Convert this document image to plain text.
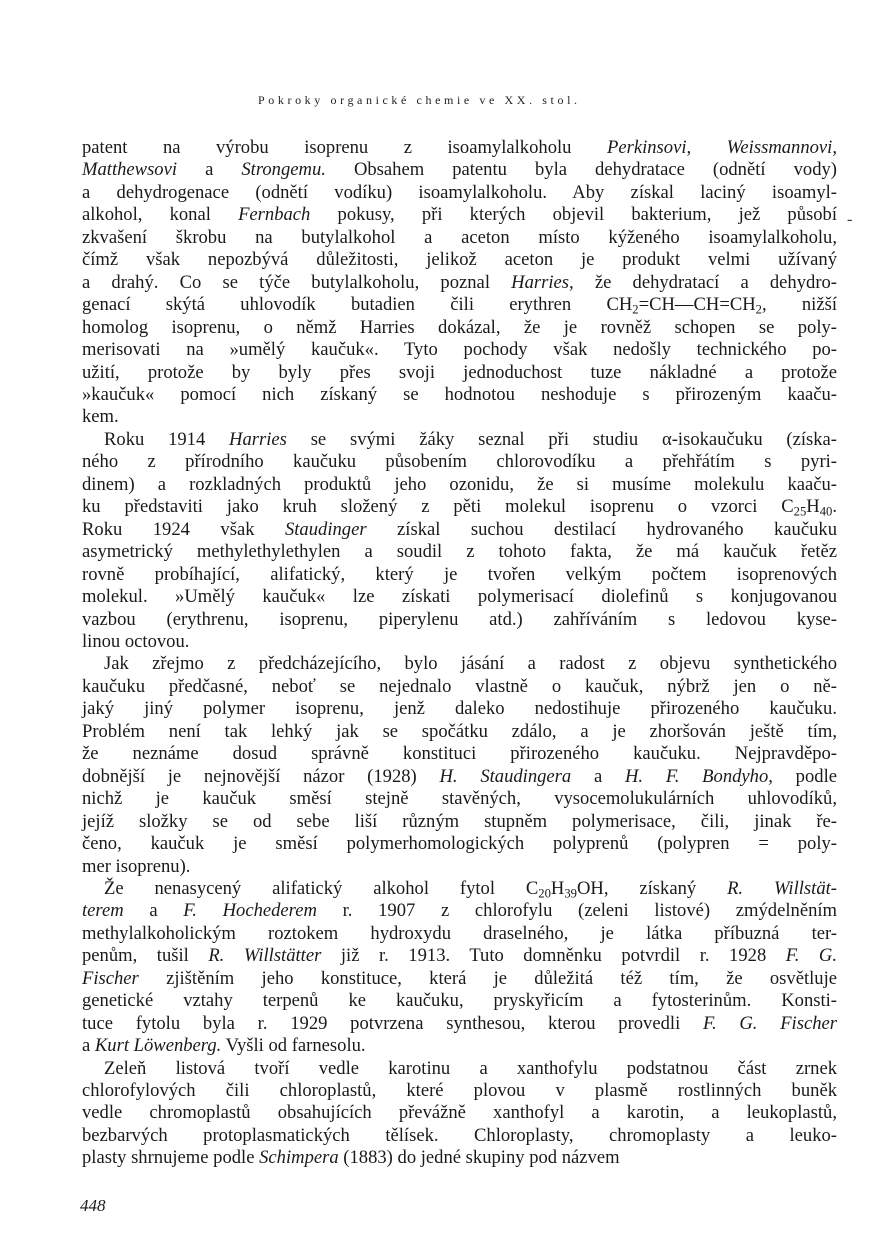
Pokroky organické chemie ve XX. stol.
-
patent na výrobu isoprenu z isoamylalkoholu Perkinsovi, Weissmannovi,
Matthewsovi a Strongemu. Obsahem patentu byla dehydratace (odnětí vody)
a dehydrogenace (odnětí vodíku) isoamylalkoholu. Aby získal laciný isoamyl-
alkohol, konal Fernbach pokusy, při kterých objevil bakterium, jež působí
zkvašení škrobu na butylalkohol a aceton místo kýženého isoamylalkoholu,
čímž však nepozbývá důležitosti, jelikož aceton je produkt velmi užívaný
a drahý. Co se týče butylalkoholu, poznal Harries, že dehydratací a dehydro-
genací skýtá uhlovodík butadien čili erythren $CH_2=CH—CH=CH_2$, nižší
homolog isoprenu, o němž Harries dokázal, že je rovněž schopen se poly-
merisovati na »umělý kaučuk«. Tyto pochody však nedošly technického po-
užití, protože by byly přes svoji jednoduchost tuze nákladné a protože
»kaučuk« pomocí nich získaný se hodnotou neshoduje s přirozeným kaaču-
kem.
Roku 1914 Harries se svými žáky seznal při studiu α-isokaučuku (získa-
ného z přírodního kaučuku působením chlorovodíku a přehřátím s pyri-
dinem) a rozkladných produktů jeho ozonidu, že si musíme molekulu kaaču-
ku představiti jako kruh složený z pěti molekul isoprenu o vzorci $C_{25}H_{40}$.
Roku 1924 však Staudinger získal suchou destilací hydrovaného kaučuku
asymetrický methylethylethylen a soudil z tohoto fakta, že má kaučuk řetěz
rovně probíhající, alifatický, který je tvořen velkým počtem isoprenových
molekul. »Umělý kaučuk« lze získati polymerisací diolefinů s konjugovanou
vazbou (erythrenu, isoprenu, piperylenu atd.) zahříváním s ledovou kyse-
linou octovou.
Jak zřejmo z předcházejícího, bylo jásání a radost z objevu synthetického
kaučuku předčasné, neboť se nejednalo vlastně o kaučuk, nýbrž jen o ně-
jaký jiný polymer isoprenu, jenž daleko nedostihuje přirozeného kaučuku.
Problém není tak lehký jak se spočátku zdálo, a je zhoršován ještě tím,
že neznáme dosud správně konstituci přirozeného kaučuku. Nejpravděpo-
dobnější je nejnovější názor (1928) H. Staudingera a H. F. Bondyho, podle
nichž je kaučuk směsí stejně stavěných, vysocemolukulárních uhlovodíků,
jejíž složky se od sebe liší různým stupněm polymerisace, čili, jinak ře-
čeno, kaučuk je směsí polymerhomologických polyprenů (polypren = poly-
mer isoprenu).
Že nenasycený alifatický alkohol fytol $C_{20}H_{39}OH$, získaný R. Willstät-
terem a F. Hochederem r. 1907 z chlorofylu (zeleni listové) zmýdelněním
methylalkoholickým roztokem hydroxydu draselného, je látka příbuzná ter-
penům, tušil R. Willstätter již r. 1913. Tuto domněnku potvrdil r. 1928 F. G.
Fischer zjištěním jeho konstituce, která je důležitá též tím, že osvětluje
genetické vztahy terpenů ke kaučuku, pryskyřicím a fytosterinům. Konsti-
tuce fytolu byla r. 1929 potvrzena synthesou, kterou provedli F. G. Fischer
a Kurt Löwenberg. Vyšli od farnesolu.
Zeleň listová tvoří vedle karotinu a xanthofylu podstatnou část zrnek
chlorofylových čili chloroplastů, které plovou v plasmě rostlinných buněk
vedle chromoplastů obsahujících převážně xanthofyl a karotin, a leukoplastů,
bezbarvých protoplasmatických tělísek. Chloroplasty, chromoplasty a leuko-
plasty shrnujeme podle Schimpera (1883) do jedné skupiny pod názvem
448
